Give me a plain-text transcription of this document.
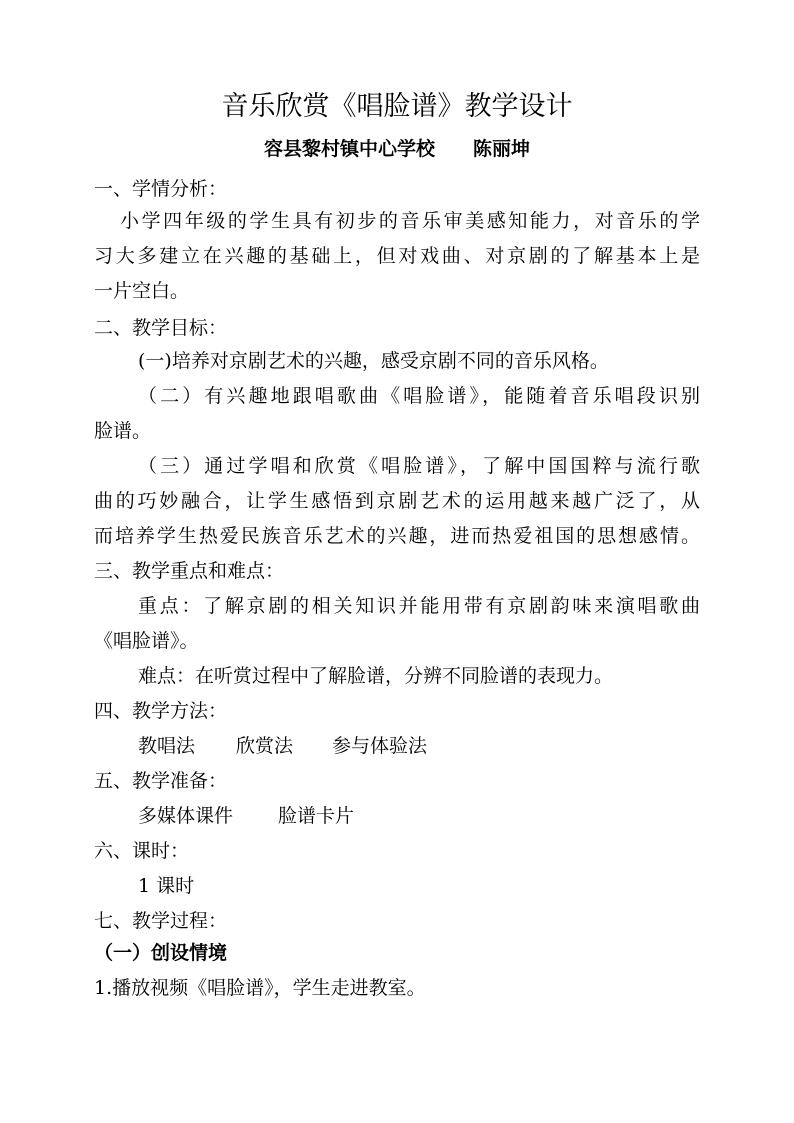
音乐欣赏《唱脸谱》教学设计
容县黎村镇中心学校 陈丽坤
一、学情分析：
小学四年级的学生具有初步的音乐审美感知能力，对音乐的学
习大多建立在兴趣的基础上，但对戏曲、对京剧的了解基本上是
一片空白。
二、教学目标：
(一)培养对京剧艺术的兴趣，感受京剧不同的音乐风格。
（二）有兴趣地跟唱歌曲《唱脸谱》，能随着音乐唱段识别
脸谱。
（三）通过学唱和欣赏《唱脸谱》，了解中国国粹与流行歌
曲的巧妙融合，让学生感悟到京剧艺术的运用越来越广泛了，从
而培养学生热爱民族音乐艺术的兴趣，进而热爱祖国的思想感情。
三、教学重点和难点：
重点：了解京剧的相关知识并能用带有京剧韵味来演唱歌曲
《唱脸谱》。
难点：在听赏过程中了解脸谱，分辨不同脸谱的表现力。
四、教学方法：
教唱法 欣赏法 参与体验法
五、教学准备：
多媒体课件 脸谱卡片
六、课时：
1 课时
七、教学过程：
（一）创设情境
1.播放视频《唱脸谱》，学生走进教室。
